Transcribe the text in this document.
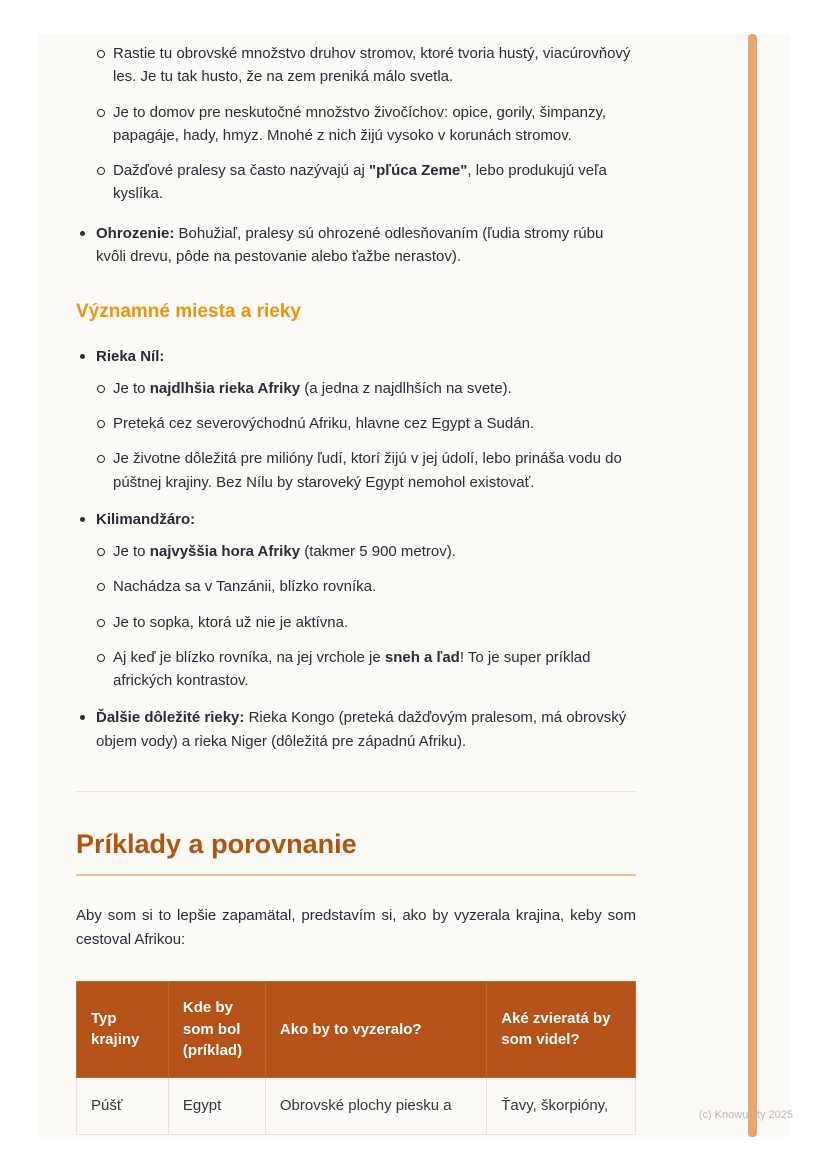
Rastie tu obrovské množstvo druhov stromov, ktoré tvoria hustý, viacúrovňový les. Je tu tak husto, že na zem preniká málo svetla.
Je to domov pre neskutočné množstvo živočíchov: opice, gorily, šimpanzy, papagáje, hady, hmyz. Mnohé z nich žijú vysoko v korunách stromov.
Dažďové pralesy sa často nazývajú aj "pľúca Zeme", lebo produkujú veľa kyslíka.
Ohrozenie: Bohužiaľ, pralesy sú ohrozené odlesňovaním (ľudia stromy rúbu kvôli drevu, pôde na pestovanie alebo ťažbe nerastov).
Významné miesta a rieky
Rieka Níl:
Je to najdlhšia rieka Afriky (a jedna z najdlhších na svete).
Preteká cez severovýchodnú Afriku, hlavne cez Egypt a Sudán.
Je životne dôležitá pre milióny ľudí, ktorí žijú v jej údolí, lebo prináša vodu do púštnej krajiny. Bez Nílu by staroveký Egypt nemohol existovať.
Kilimandžáro:
Je to najvyššia hora Afriky (takmer 5 900 metrov).
Nachádza sa v Tanzánii, blízko rovníka.
Je to sopka, ktorá už nie je aktívna.
Aj keď je blízko rovníka, na jej vrchole je sneh a ľad! To je super príklad afrických kontrastov.
Ďalšie dôležité rieky: Rieka Kongo (preteká dažďovým pralesom, má obrovský objem vody) a rieka Niger (dôležitá pre západnú Afriku).
Príklady a porovnanie

Aby som si to lepšie zapamätal, predstavím si, ako by vyzerala krajina, keby som cestoval Afrikou:

Typ krajiny	Kde by som bol (príklad)	Ako by to vyzeralo?	Aké zvieratá by som videl?
Púšť	Egypt	Obrovské plochy piesku a	Ťavy, škorpióny,
(c) Knowunity 2025
